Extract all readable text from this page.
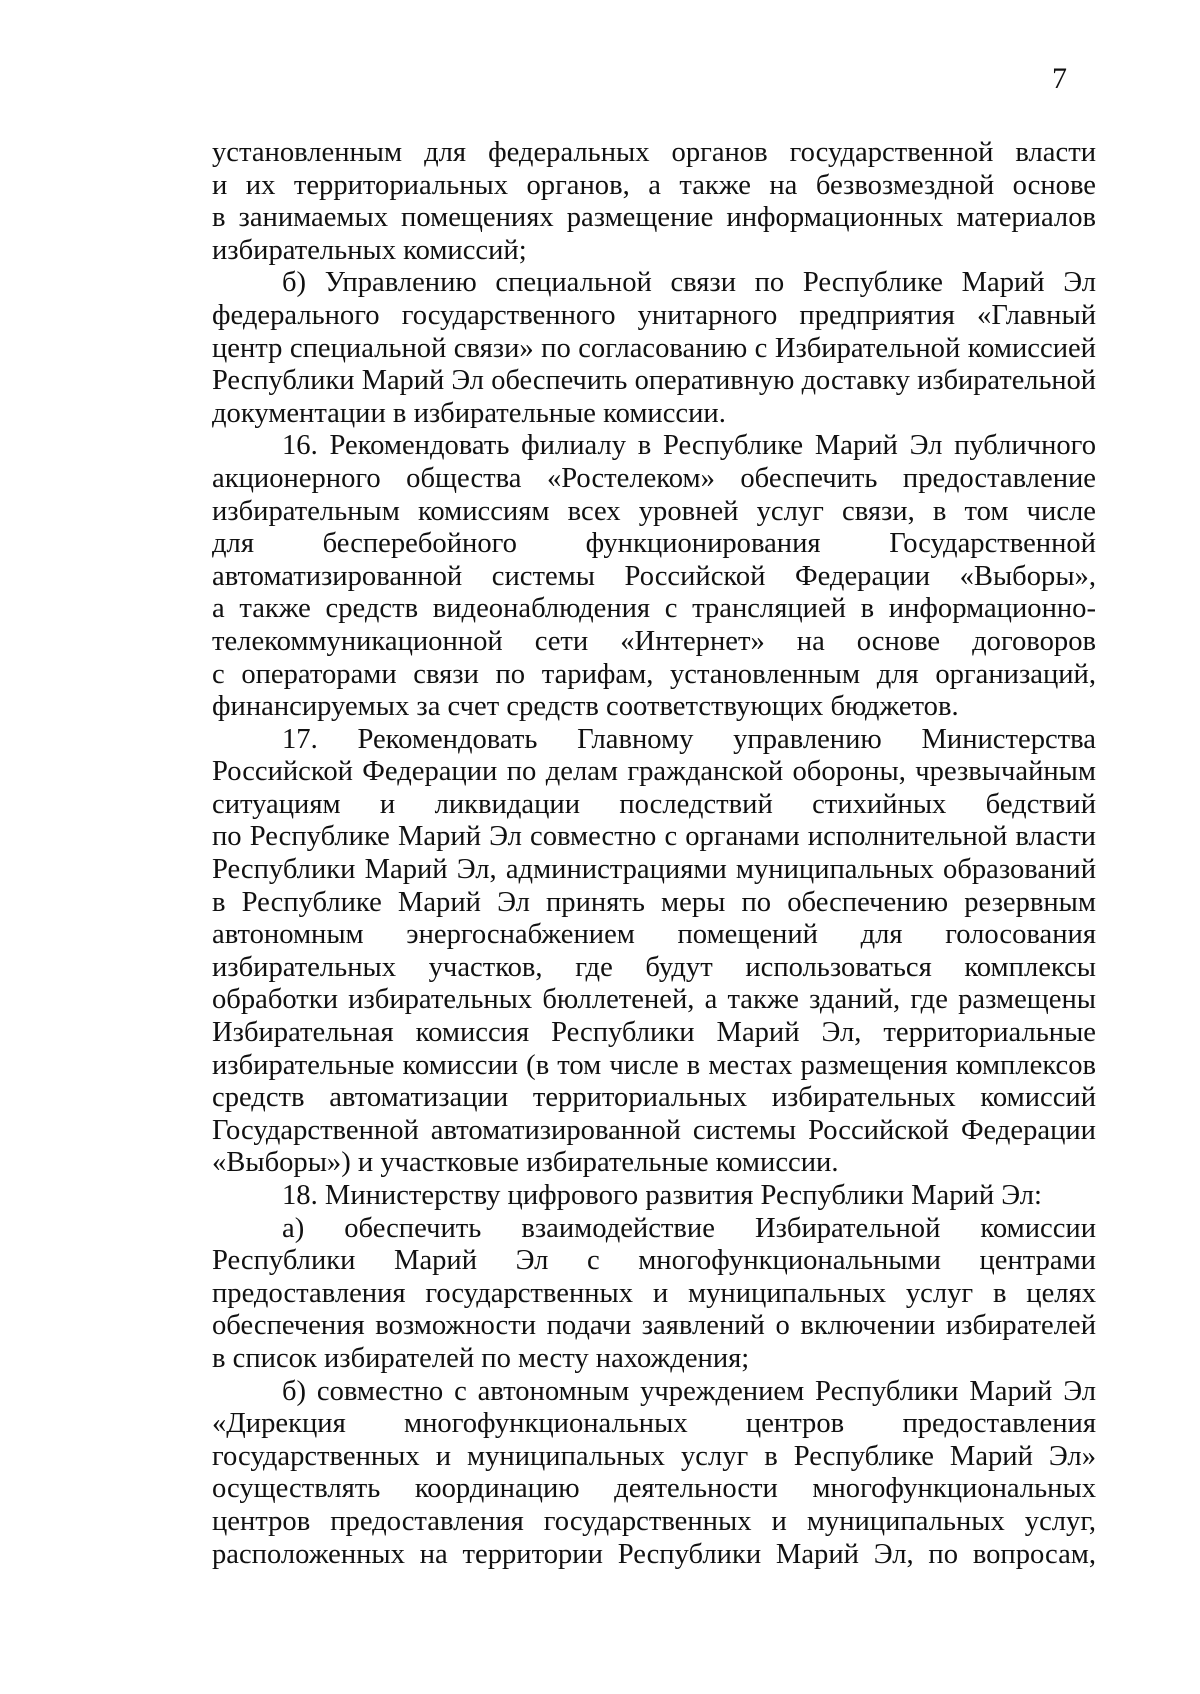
7
установленным для федеральных органов государственной власти
и их территориальных органов, а также на безвозмездной основе
в занимаемых помещениях размещение информационных материалов
избирательных комиссий;
б) Управлению специальной связи по Республике Марий Эл
федерального государственного унитарного предприятия «Главный
центр специальной связи» по согласованию с Избирательной комиссией
Республики Марий Эл обеспечить оперативную доставку избирательной
документации в избирательные комиссии.
16. Рекомендовать филиалу в Республике Марий Эл публичного
акционерного общества «Ростелеком» обеспечить предоставление
избирательным комиссиям всех уровней услуг связи, в том числе
для бесперебойного функционирования Государственной
автоматизированной системы Российской Федерации «Выборы»,
а также средств видеонаблюдения с трансляцией в информационно-
телекоммуникационной сети «Интернет» на основе договоров
с операторами связи по тарифам, установленным для организаций,
финансируемых за счет средств соответствующих бюджетов.
17. Рекомендовать Главному управлению Министерства
Российской Федерации по делам гражданской обороны, чрезвычайным
ситуациям и ликвидации последствий стихийных бедствий
по Республике Марий Эл совместно с органами исполнительной власти
Республики Марий Эл, администрациями муниципальных образований
в Республике Марий Эл принять меры по обеспечению резервным
автономным энергоснабжением помещений для голосования
избирательных участков, где будут использоваться комплексы
обработки избирательных бюллетеней, а также зданий, где размещены
Избирательная комиссия Республики Марий Эл, территориальные
избирательные комиссии (в том числе в местах размещения комплексов
средств автоматизации территориальных избирательных комиссий
Государственной автоматизированной системы Российской Федерации
«Выборы») и участковые избирательные комиссии.
18. Министерству цифрового развития Республики Марий Эл:
а) обеспечить взаимодействие Избирательной комиссии
Республики Марий Эл с многофункциональными центрами
предоставления государственных и муниципальных услуг в целях
обеспечения возможности подачи заявлений о включении избирателей
в список избирателей по месту нахождения;
б) совместно с автономным учреждением Республики Марий Эл
«Дирекция многофункциональных центров предоставления
государственных и муниципальных услуг в Республике Марий Эл»
осуществлять координацию деятельности многофункциональных
центров предоставления государственных и муниципальных услуг,
расположенных на территории Республики Марий Эл, по вопросам,
